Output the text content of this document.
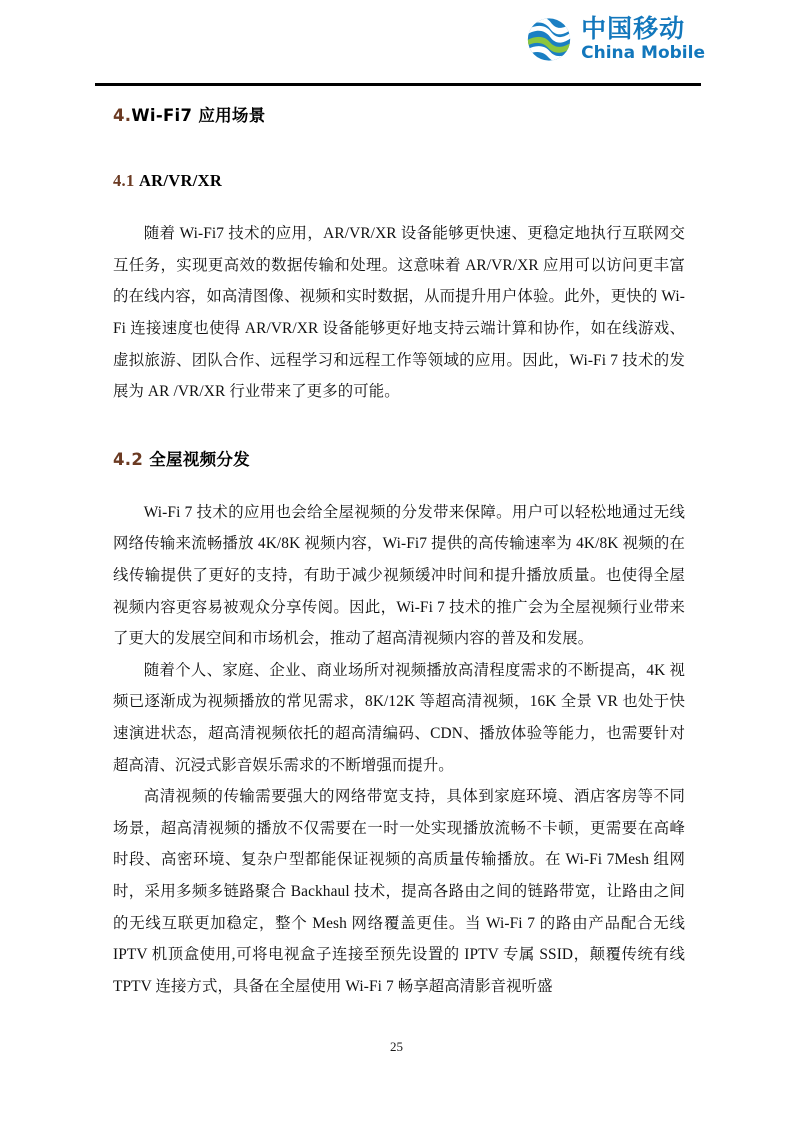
中国移动
China Mobile
4.Wi-Fi7 应用场景
4.1 AR/VR/XR

随着 Wi-Fi7 技术的应用，AR/VR/XR 设备能够更快速、更稳定地执行互联网交互任务，实现更高效的数据传输和处理。这意味着 AR/VR/XR 应用可以访问更丰富的在线内容，如高清图像、视频和实时数据，从而提升用户体验。此外，更快的 Wi-Fi 连接速度也使得 AR/VR/XR 设备能够更好地支持云端计算和协作，如在线游戏、虚拟旅游、团队合作、远程学习和远程工作等领域的应用。因此，Wi-Fi 7 技术的发展为 AR /VR/XR 行业带来了更多的可能。

4.2 全屋视频分发

Wi-Fi 7 技术的应用也会给全屋视频的分发带来保障。用户可以轻松地通过无线网络传输来流畅播放 4K/8K 视频内容，Wi-Fi7 提供的高传输速率为 4K/8K 视频的在线传输提供了更好的支持，有助于减少视频缓冲时间和提升播放质量。也使得全屋视频内容更容易被观众分享传阅。因此，Wi-Fi 7 技术的推广会为全屋视频行业带来了更大的发展空间和市场机会，推动了超高清视频内容的普及和发展。

随着个人、家庭、企业、商业场所对视频播放高清程度需求的不断提高，4K 视频已逐渐成为视频播放的常见需求，8K/12K 等超高清视频，16K 全景 VR 也处于快速演进状态，超高清视频依托的超高清编码、CDN、播放体验等能力，也需要针对超高清、沉浸式影音娱乐需求的不断增强而提升。

高清视频的传输需要强大的网络带宽支持，具体到家庭环境、酒店客房等不同场景，超高清视频的播放不仅需要在一时一处实现播放流畅不卡顿，更需要在高峰时段、高密环境、复杂户型都能保证视频的高质量传输播放。在 Wi-Fi 7Mesh 组网时，采用多频多链路聚合 Backhaul 技术，提高各路由之间的链路带宽，让路由之间的无线互联更加稳定，整个 Mesh 网络覆盖更佳。当 Wi-Fi 7 的路由产品配合无线 IPTV 机顶盒使用,可将电视盒子连接至预先设置的 IPTV 专属 SSID，颠覆传统有线 TPTV 连接方式，具备在全屋使用 Wi-Fi 7 畅享超高清影音视听盛

25
